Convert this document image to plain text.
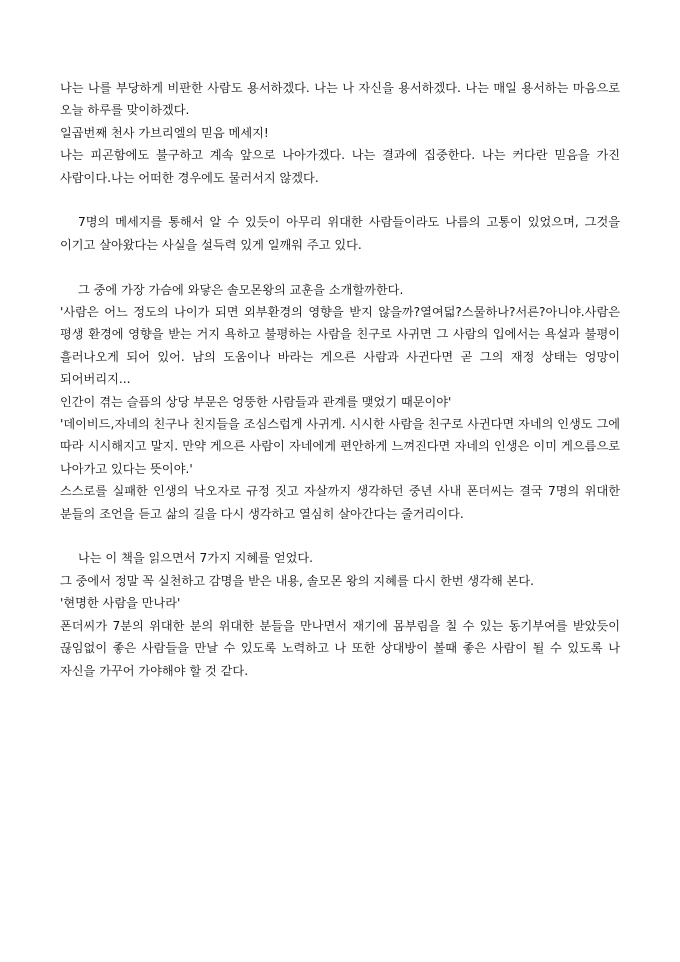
나는 나를 부당하게 비판한 사람도 용서하겠다. 나는 나 자신을 용서하겠다. 나는 매일 용서하는 마음으로 오늘 하루를 맞이하겠다.

일곱번째 천사 가브리엘의 믿음 메세지!

나는 피곤함에도 불구하고 계속 앞으로 나아가겠다. 나는 결과에 집중한다. 나는 커다란 믿음을 가진 사람이다.나는 어떠한 경우에도 물러서지 않겠다.

7명의 메세지를 통해서 알 수 있듯이 아무리 위대한 사람들이라도 나름의 고통이 있었으며, 그것을 이기고 살아왔다는 사실을 설득력 있게 일깨워 주고 있다.

그 중에 가장 가슴에 와닿은 솔모몬왕의 교훈을 소개할까한다.

'사람은 어느 정도의 나이가 되면 외부환경의 영향을 받지 않을까?열여덟?스물하나?서른?아니야.사람은 평생 환경에 영향을 받는 거지 욕하고 불평하는 사람을 친구로 사귀면 그 사람의 입에서는 욕설과 불평이 흘러나오게 되어 있어. 남의 도움이나 바라는 게으른 사람과 사귄다면 곧 그의 재정 상태는 엉망이 되어버리지...

인간이 겪는 슬픔의 상당 부문은 엉뚱한 사람들과 관계를 맺었기 때문이야'

'데이비드,자네의 친구나 친지들을 조심스럽게 사귀게. 시시한 사람을 친구로 사귄다면 자네의 인생도 그에 따라 시시해지고 말지. 만약 게으른 사람이 자네에게 편안하게 느껴진다면 자네의 인생은 이미 게으름으로 나아가고 있다는 뜻이야.'

스스로를 실패한 인생의 낙오자로 규정 짓고 자살까지 생각하던 중년 사내 폰더씨는 결국 7명의 위대한 분들의 조언을 듣고 삶의 길을 다시 생각하고 열심히 살아간다는 줄거리이다.

나는 이 책을 읽으면서 7가지 지혜를 얻었다.

그 중에서 정말 꼭 실천하고 감명을 받은 내용, 솔모몬 왕의 지혜를 다시 한번 생각해 본다.

'현명한 사람을 만나라'

폰더씨가 7분의 위대한 분의 위대한 분들을 만나면서 재기에 몸부림을 칠 수 있는 동기부여를 받았듯이 끊임없이 좋은 사람들을 만날 수 있도록 노력하고 나 또한 상대방이 볼때 좋은 사람이 될 수 있도록 나 자신을 가꾸어 가야해야 할 것 같다.
